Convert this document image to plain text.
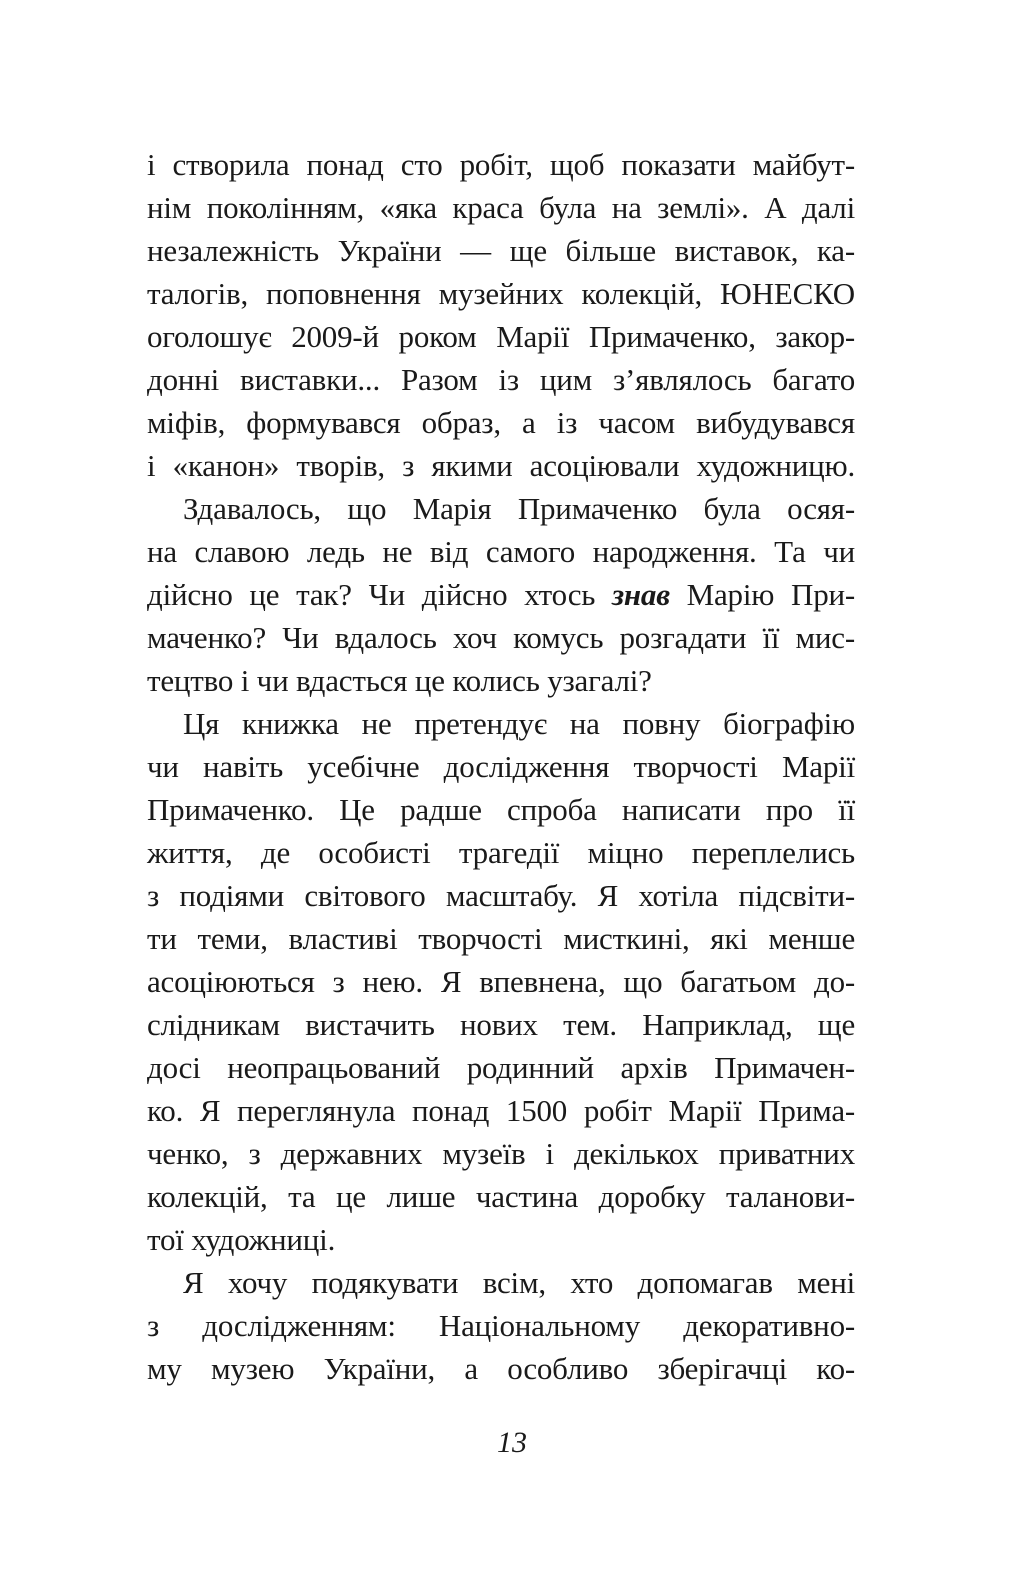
і створила понад сто робіт, щоб показати майбут-
нім поколінням, «яка краса була на землі». А далі
незалежність України — ще більше виставок, ка-
талогів, поповнення музейних колекцій, ЮНЕСКО
оголошує 2009-й роком Марії Примаченко, закор-
донні виставки... Разом із цим з’являлось багато
міфів, формувався образ, а із часом вибудувався
і «канон» творів, з якими асоціювали художницю.
Здавалось, що Марія Примаченко була осяя-
на славою ледь не від самого народження. Та чи
дійсно це так? Чи дійсно хтось знав Марію При-
маченко? Чи вдалось хоч комусь розгадати її мис-
тецтво і чи вдасться це колись узагалі?
Ця книжка не претендує на повну біографію
чи навіть усебічне дослідження творчості Марії
Примаченко. Це радше спроба написати про її
життя, де особисті трагедії міцно переплелись
з подіями світового масштабу. Я хотіла підсвіти-
ти теми, властиві творчості мисткині, які менше
асоціюються з нею. Я впевнена, що багатьом до-
слідникам вистачить нових тем. Наприклад, ще
досі неопрацьований родинний архів Примачен-
ко. Я переглянула понад 1500 робіт Марії Прима-
ченко, з державних музеїв і декількох приватних
колекцій, та це лише частина доробку таланови-
тої художниці.
Я хочу подякувати всім, хто допомагав мені
з дослідженням: Національному декоративно-
му музею України, а особливо зберігачці ко-
13
